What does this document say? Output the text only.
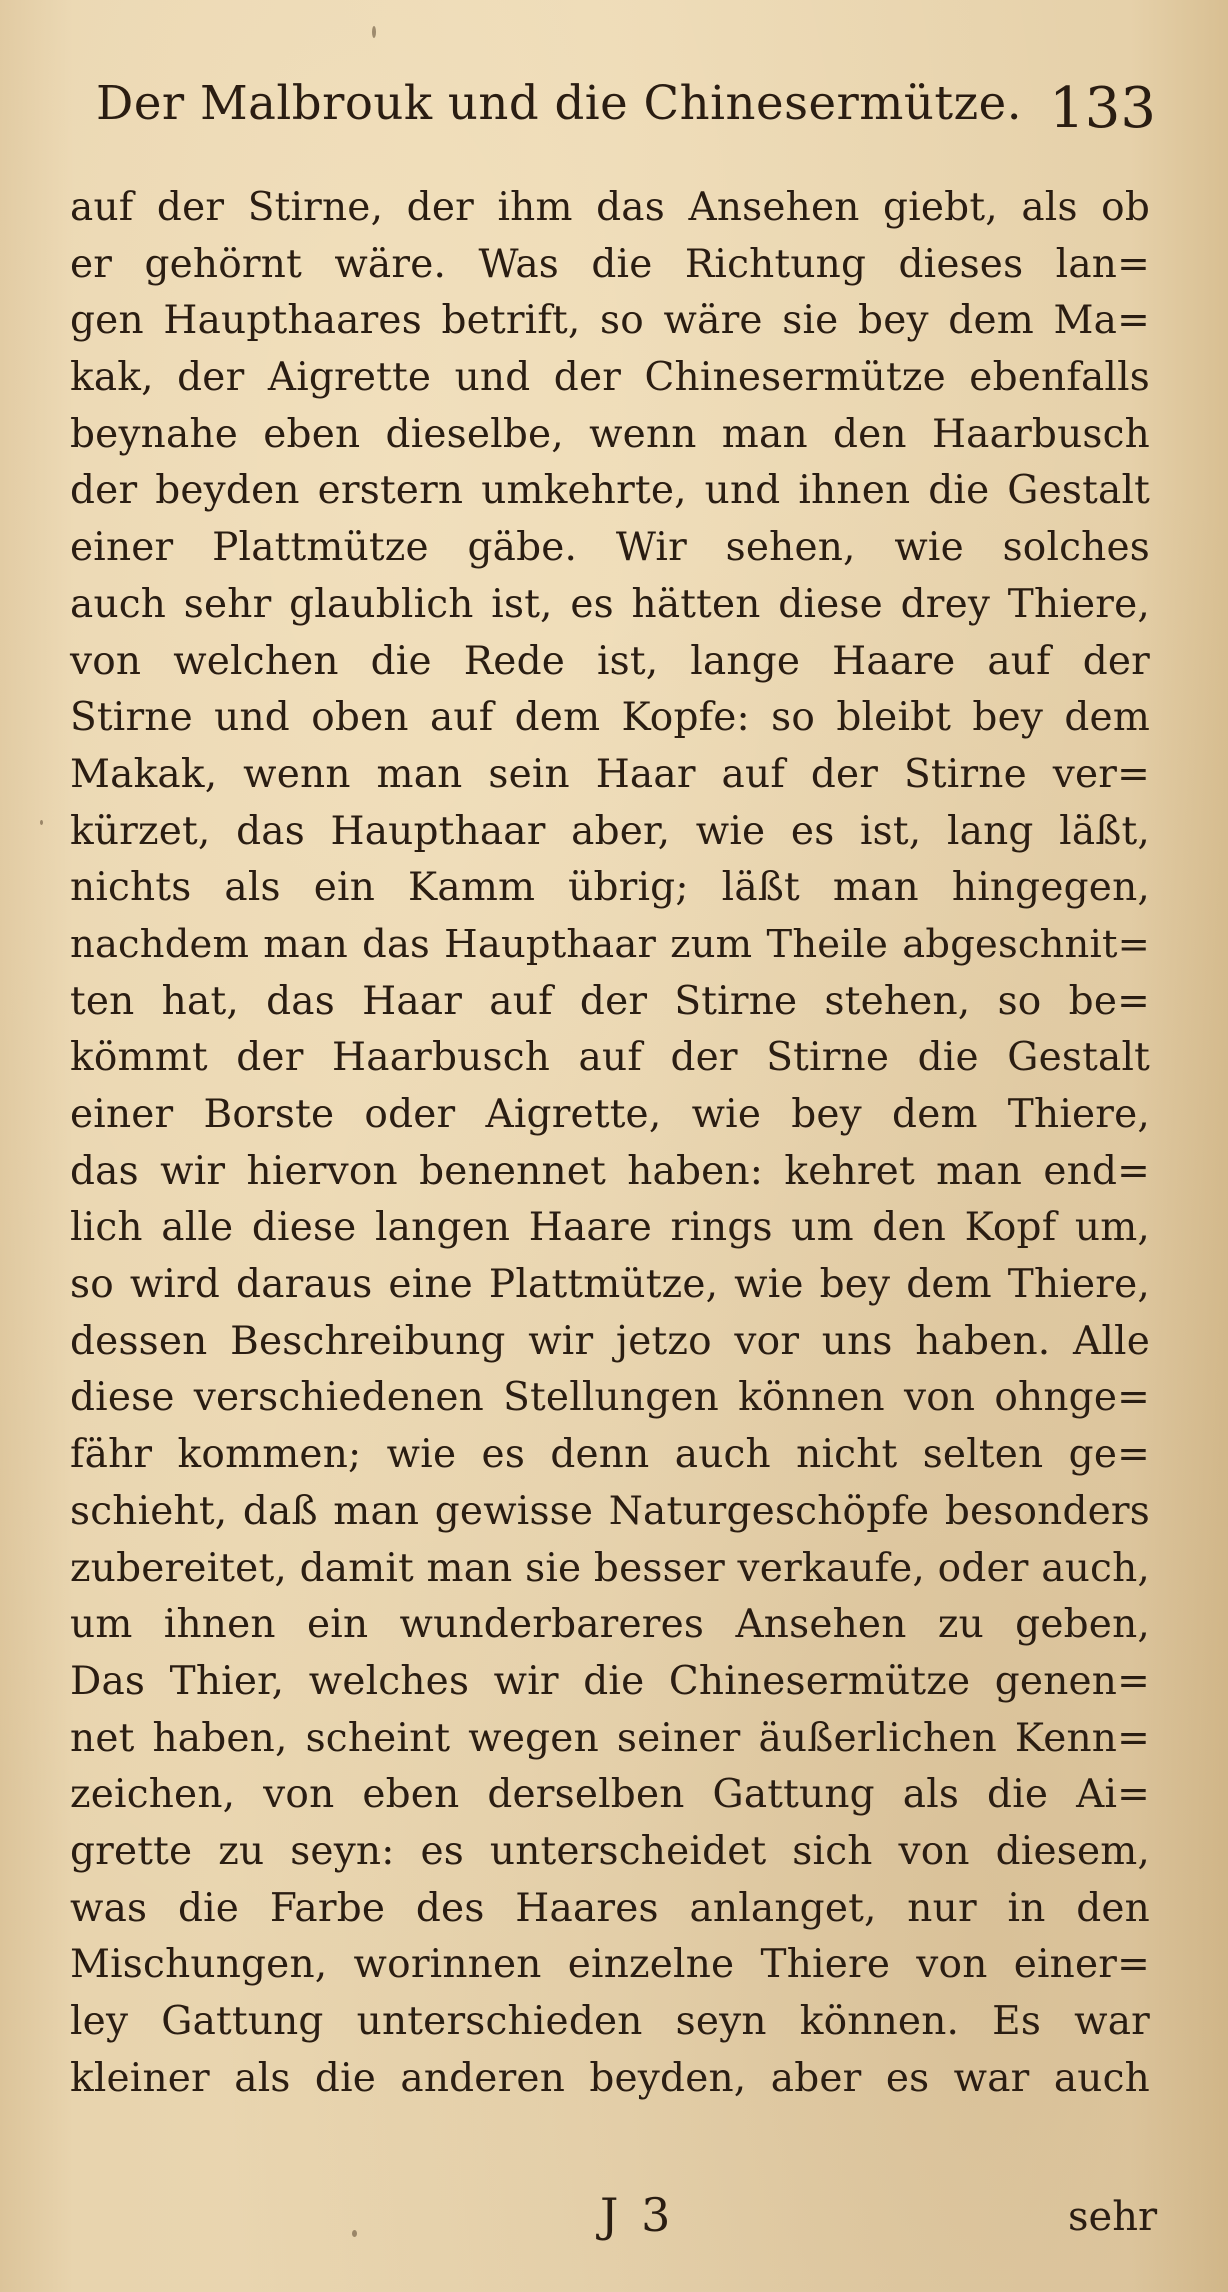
Der Malbrouk und die Chinesermütze. 133
auf der Stirne, der ihm das Ansehen giebt, als ob
er gehörnt wäre. Was die Richtung dieses lan=
gen Haupthaares betrift, so wäre sie bey dem Ma=
kak, der Aigrette und der Chinesermütze ebenfalls
beynahe eben dieselbe, wenn man den Haarbusch
der beyden erstern umkehrte, und ihnen die Gestalt
einer Plattmütze gäbe. Wir sehen, wie solches
auch sehr glaublich ist, es hätten diese drey Thiere,
von welchen die Rede ist, lange Haare auf der
Stirne und oben auf dem Kopfe: so bleibt bey dem
Makak, wenn man sein Haar auf der Stirne ver=
kürzet, das Haupthaar aber, wie es ist, lang läßt,
nichts als ein Kamm übrig; läßt man hingegen,
nachdem man das Haupthaar zum Theile abgeschnit=
ten hat, das Haar auf der Stirne stehen, so be=
kömmt der Haarbusch auf der Stirne die Gestalt
einer Borste oder Aigrette, wie bey dem Thiere,
das wir hiervon benennet haben: kehret man end=
lich alle diese langen Haare rings um den Kopf um,
so wird daraus eine Plattmütze, wie bey dem Thiere,
dessen Beschreibung wir jetzo vor uns haben. Alle
diese verschiedenen Stellungen können von ohnge=
fähr kommen; wie es denn auch nicht selten ge=
schieht, daß man gewisse Naturgeschöpfe besonders
zubereitet, damit man sie besser verkaufe, oder auch,
um ihnen ein wunderbareres Ansehen zu geben,
Das Thier, welches wir die Chinesermütze genen=
net haben, scheint wegen seiner äußerlichen Kenn=
zeichen, von eben derselben Gattung als die Ai=
grette zu seyn: es unterscheidet sich von diesem,
was die Farbe des Haares anlanget, nur in den
Mischungen, worinnen einzelne Thiere von einer=
ley Gattung unterschieden seyn können. Es war
kleiner als die anderen beyden, aber es war auch
J 3	sehr
